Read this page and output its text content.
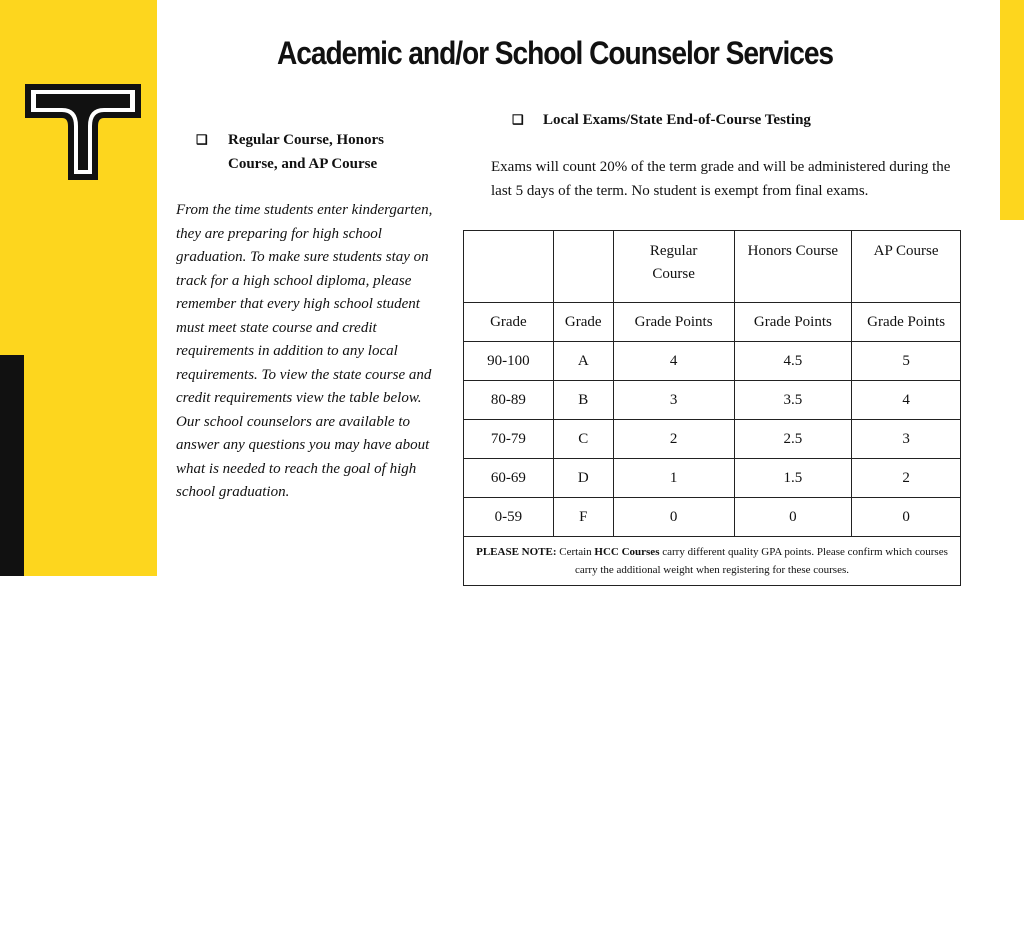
SLIDESMANIA.COM
Academic and/or School Counselor Services
❑ Regular Course, Honors
Course, and AP Course
From the time students enter kindergarten, they are preparing for high school graduation. To make sure students stay on track for a high school diploma, please remember that every high school student must meet state course and credit requirements in addition to any local requirements. To view the state course and credit requirements view the table below. Our school counselors are available to answer any questions you may have about what is needed to reach the goal of high school graduation.
❑ Local Exams/State End-of-Course Testing
Exams will count 20% of the term grade and will be administered during the last 5 days of the term. No student is exempt from final exams.
		Regular Course	Honors Course	AP Course
Grade	Grade	Grade Points	Grade Points	Grade Points
90-100	A	4	4.5	5
80-89	B	3	3.5	4
70-79	C	2	2.5	3
60-69	D	1	1.5	2
0-59	F	0	0	0
PLEASE NOTE: Certain HCC Courses carry different quality GPA points. Please confirm which courses carry the additional weight when registering for these courses.				
